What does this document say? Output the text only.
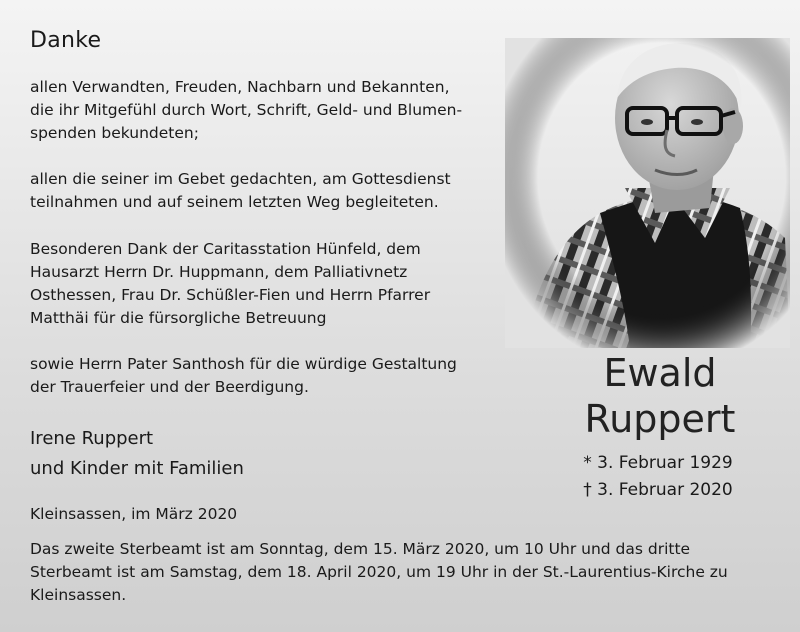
Danke

allen Verwandten, Freuden, Nachbarn und Bekannten,
die ihr Mitgefühl durch Wort, Schrift, Geld- und Blumen-
spenden bekundeten;

allen die seiner im Gebet gedachten, am Gottesdienst
teilnahmen und auf seinem letzten Weg begleiteten.

Besonderen Dank der Caritasstation Hünfeld, dem
Hausarzt Herrn Dr. Huppmann, dem Palliativnetz
Osthessen, Frau Dr. Schüßler-Fien und Herrn Pfarrer
Matthäi für die fürsorgliche Betreuung

sowie Herrn Pater Santhosh für die würdige Gestaltung
der Trauerfeier und der Beerdigung.

Irene Ruppert
und Kinder mit Familien
Kleinsassen, im März 2020

Das zweite Sterbeamt ist am Sonntag, dem 15. März 2020, um 10 Uhr und das dritte
Sterbeamt ist am Samstag, dem 18. April 2020, um 19 Uhr in der St.-Laurentius-Kirche zu
Kleinsassen.

Ewald
Ruppert
* 3. Februar 1929
† 3. Februar 2020
